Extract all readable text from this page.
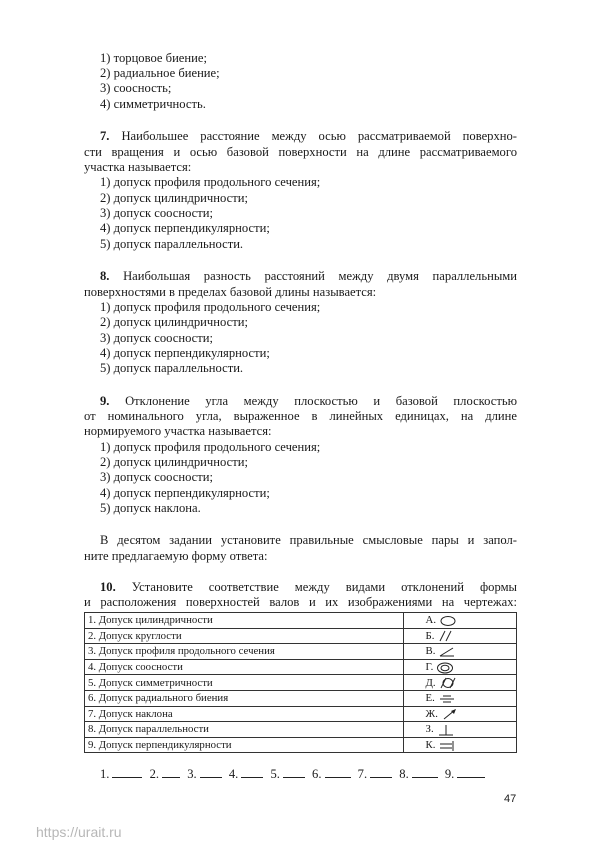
1) торцовое биение;
2) радиальное биение;
3) соосность;
4) симметричность.
7. Наибольшее расстояние между осью рассматриваемой поверхно-
сти вращения и осью базовой поверхности на длине рассматриваемого
участка называется:
1) допуск профиля продольного сечения;
2) допуск цилиндричности;
3) допуск соосности;
4) допуск перпендикулярности;
5) допуск параллельности.
8. Наибольшая разность расстояний между двумя параллельными
поверхностями в пределах базовой длины называется:
1) допуск профиля продольного сечения;
2) допуск цилиндричности;
3) допуск соосности;
4) допуск перпендикулярности;
5) допуск параллельности.
9. Отклонение угла между плоскостью и базовой плоскостью
от номинального угла, выраженное в линейных единицах, на длине
нормируемого участка называется:
1) допуск профиля продольного сечения;
2) допуск цилиндричности;
3) допуск соосности;
4) допуск перпендикулярности;
5) допуск наклона.
В десятом задании установите правильные смысловые пары и запол-
ните предлагаемую форму ответа:
10. Установите соответствие между видами отклонений формы
и расположения поверхностей валов и их изображениями на чертежах:
1. Допуск цилиндричности	А.

2. Допуск круглости	Б.

3. Допуск профиля продольного сечения	В.

4. Допуск соосности	Г.

5. Допуск симметричности	Д.

6. Допуск радиального биения	Е.

7. Допуск наклона	Ж.

8. Допуск параллельности	З.

9. Допуск перпендикулярности	К.
1.	2. 3.	4.	5.	6.	7.	8.	9.
47
https://urait.ru
